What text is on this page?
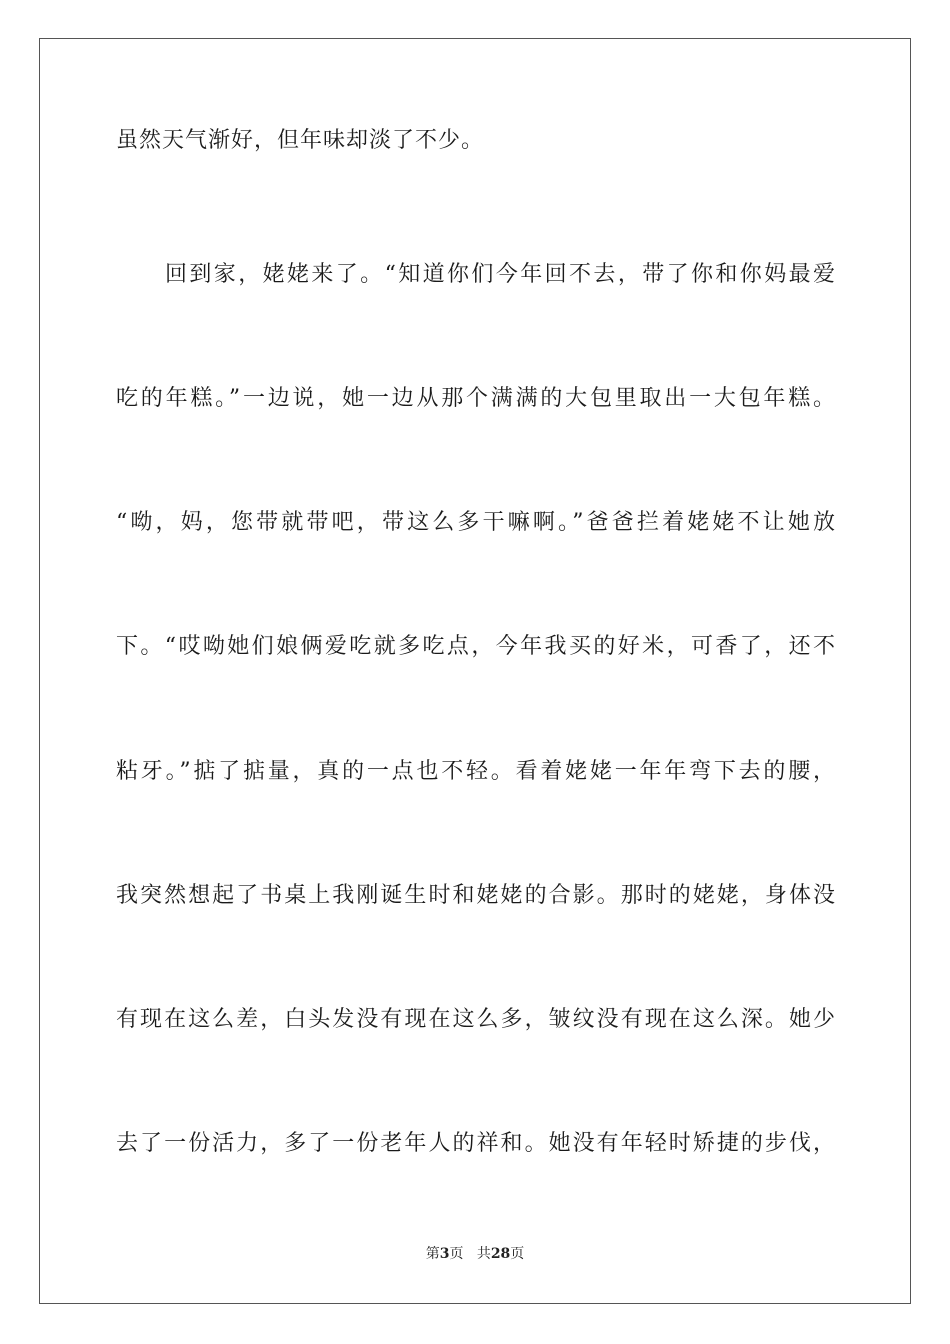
虽然天气渐好，但年味却淡了不少。
回到家，姥姥来了。“知道你们今年回不去，带了你和你妈最爱
吃的年糕。”一边说，她一边从那个满满的大包里取出一大包年糕。
“呦，妈，您带就带吧，带这么多干嘛啊。”爸爸拦着姥姥不让她放
下。“哎呦她们娘俩爱吃就多吃点，今年我买的好米，可香了，还不
粘牙。”掂了掂量，真的一点也不轻。看着姥姥一年年弯下去的腰，
我突然想起了书桌上我刚诞生时和姥姥的合影。那时的姥姥，身体没
有现在这么差，白头发没有现在这么多，皱纹没有现在这么深。她少
去了一份活力，多了一份老年人的祥和。她没有年轻时矫捷的步伐，
第3页 共28页
